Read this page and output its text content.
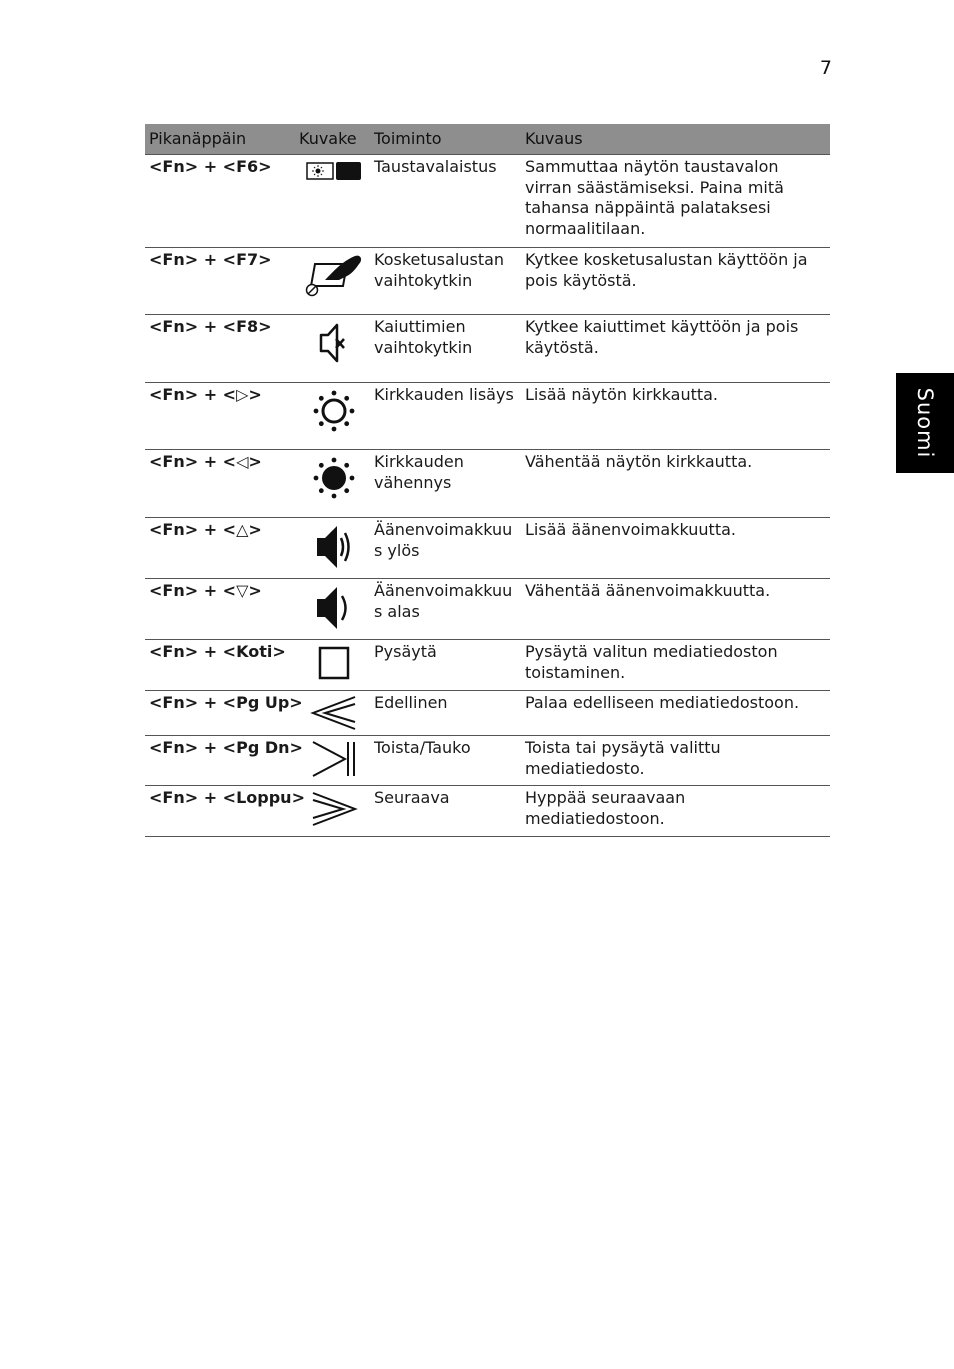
7
Suomi
Pikanäppäin	Kuvake	Toiminto	Kuvaus
<Fn> + <F6>		Taustavalaistus	Sammuttaa näytön taustavalon virran säästämiseksi. Paina mitä tahansa näppäintä palataksesi normaalitilaan.
<Fn> + <F7>		Kosketusalustan vaihtokytkin	Kytkee kosketusalustan käyttöön ja pois käytöstä.
<Fn> + <F8>		Kaiuttimien vaihtokytkin	Kytkee kaiuttimet käyttöön ja pois käytöstä.
<Fn> + <▷>		Kirkkauden lisäys	Lisää näytön kirkkautta.
<Fn> + <◁>		Kirkkauden vähennys	Vähentää näytön kirkkautta.
<Fn> + <△>		Äänenvoimakkuus ylös	Lisää äänenvoimakkuutta.
<Fn> + <▽>		Äänenvoimakkuus alas	Vähentää äänenvoimakkuutta.
<Fn> + <Koti>		Pysäytä	Pysäytä valitun mediatiedoston toistaminen.
<Fn> + <Pg Up>		Edellinen	Palaa edelliseen mediatiedostoon.
<Fn> + <Pg Dn>		Toista/Tauko	Toista tai pysäytä valittu mediatiedosto.
<Fn> + <Loppu>		Seuraava	Hyppää seuraavaan mediatiedostoon.
